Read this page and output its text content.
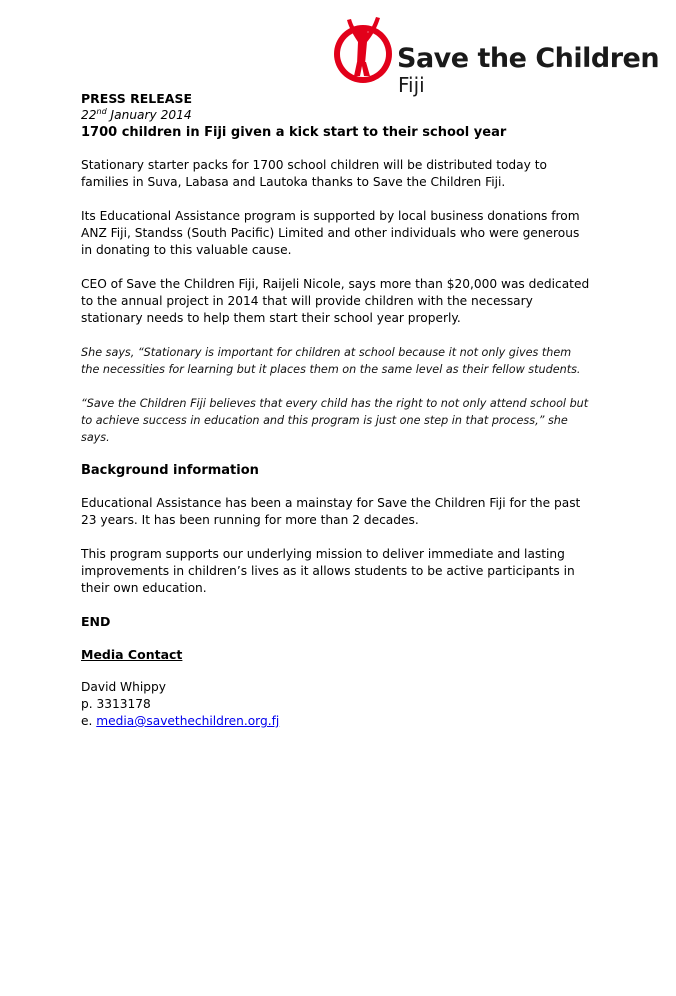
Save the Children
Fiji

PRESS RELEASE

22nd January 2014

1700 children in Fiji given a kick start to their school year

Stationary starter packs for 1700 school children will be distributed today to families in Suva, Labasa and Lautoka thanks to Save the Children Fiji.

Its Educational Assistance program is supported by local business donations from ANZ Fiji, Standss (South Pacific) Limited and other individuals who were generous in donating to this valuable cause.

CEO of Save the Children Fiji, Raijeli Nicole, says more than $20,000 was dedicated to the annual project in 2014 that will provide children with the necessary stationary needs to help them start their school year properly.

She says, “Stationary is important for children at school because it not only gives them the necessities for learning but it places them on the same level as their fellow students.

“Save the Children Fiji believes that every child has the right to not only attend school but to achieve success in education and this program is just one step in that process,” she says.

Background information

Educational Assistance has been a mainstay for Save the Children Fiji for the past 23 years. It has been running for more than 2 decades.

This program supports our underlying mission to deliver immediate and lasting improvements in children’s lives as it allows students to be active participants in their own education.

END

Media Contact

David Whippy

p. 3313178

e. media@savethechildren.org.fj
